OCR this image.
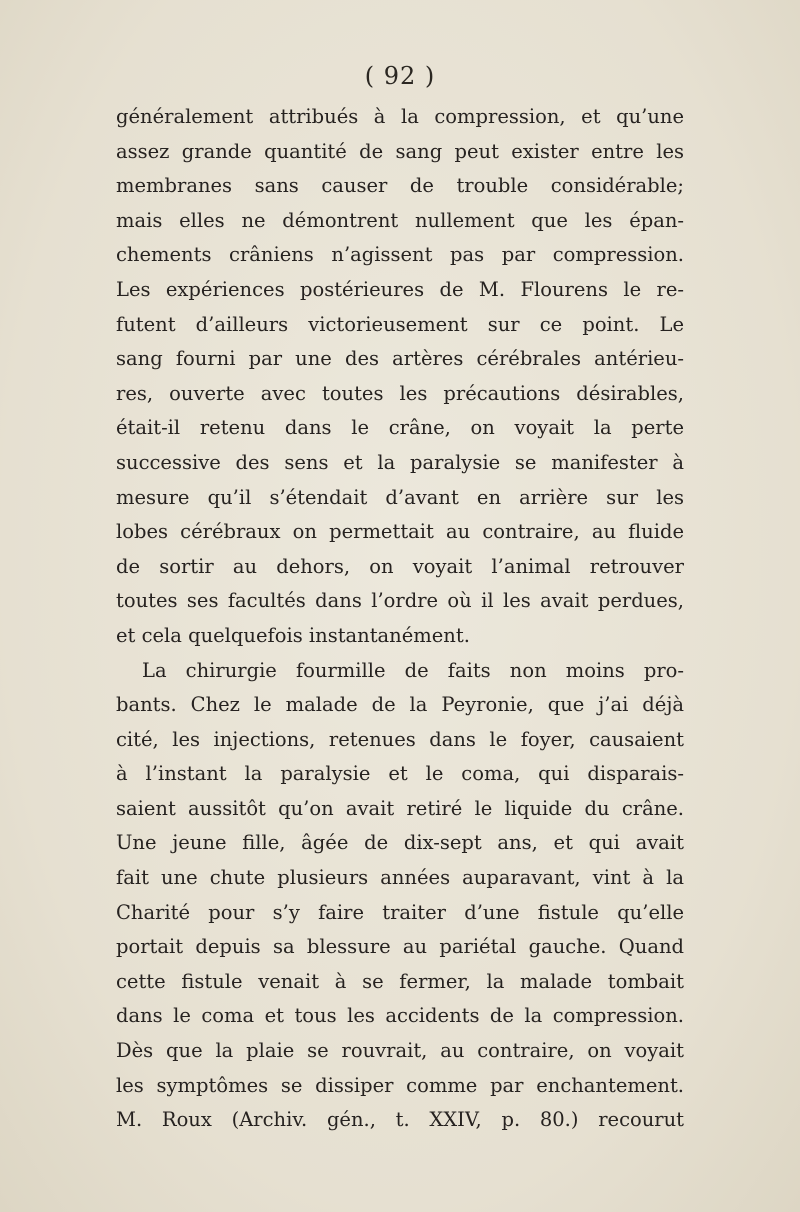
( 92 )
généralement attribués à la compression, et qu’une
assez grande quantité de sang peut exister entre les
membranes sans causer de trouble considérable;
mais elles ne démontrent nullement que les épan-
chements crâniens n’agissent pas par compression.
Les expériences postérieures de M. Flourens le re-
futent d’ailleurs victorieusement sur ce point. Le
sang fourni par une des artères cérébrales antérieu-
res, ouverte avec toutes les précautions désirables,
était-il retenu dans le crâne, on voyait la perte
successive des sens et la paralysie se manifester à
mesure qu’il s’étendait d’avant en arrière sur les
lobes cérébraux on permettait au contraire, au fluide
de sortir au dehors, on voyait l’animal retrouver
toutes ses facultés dans l’ordre où il les avait perdues,
et cela quelquefois instantanément.
La chirurgie fourmille de faits non moins pro-
bants. Chez le malade de la Peyronie, que j’ai déjà
cité, les injections, retenues dans le foyer, causaient
à l’instant la paralysie et le coma, qui disparais-
saient aussitôt qu’on avait retiré le liquide du crâne.
Une jeune fille, âgée de dix-sept ans, et qui avait
fait une chute plusieurs années auparavant, vint à la
Charité pour s’y faire traiter d’une fistule qu’elle
portait depuis sa blessure au pariétal gauche. Quand
cette fistule venait à se fermer, la malade tombait
dans le coma et tous les accidents de la compression.
Dès que la plaie se rouvrait, au contraire, on voyait
les symptômes se dissiper comme par enchantement.
M. Roux (Archiv. gén., t. XXIV, p. 80.) recourut
